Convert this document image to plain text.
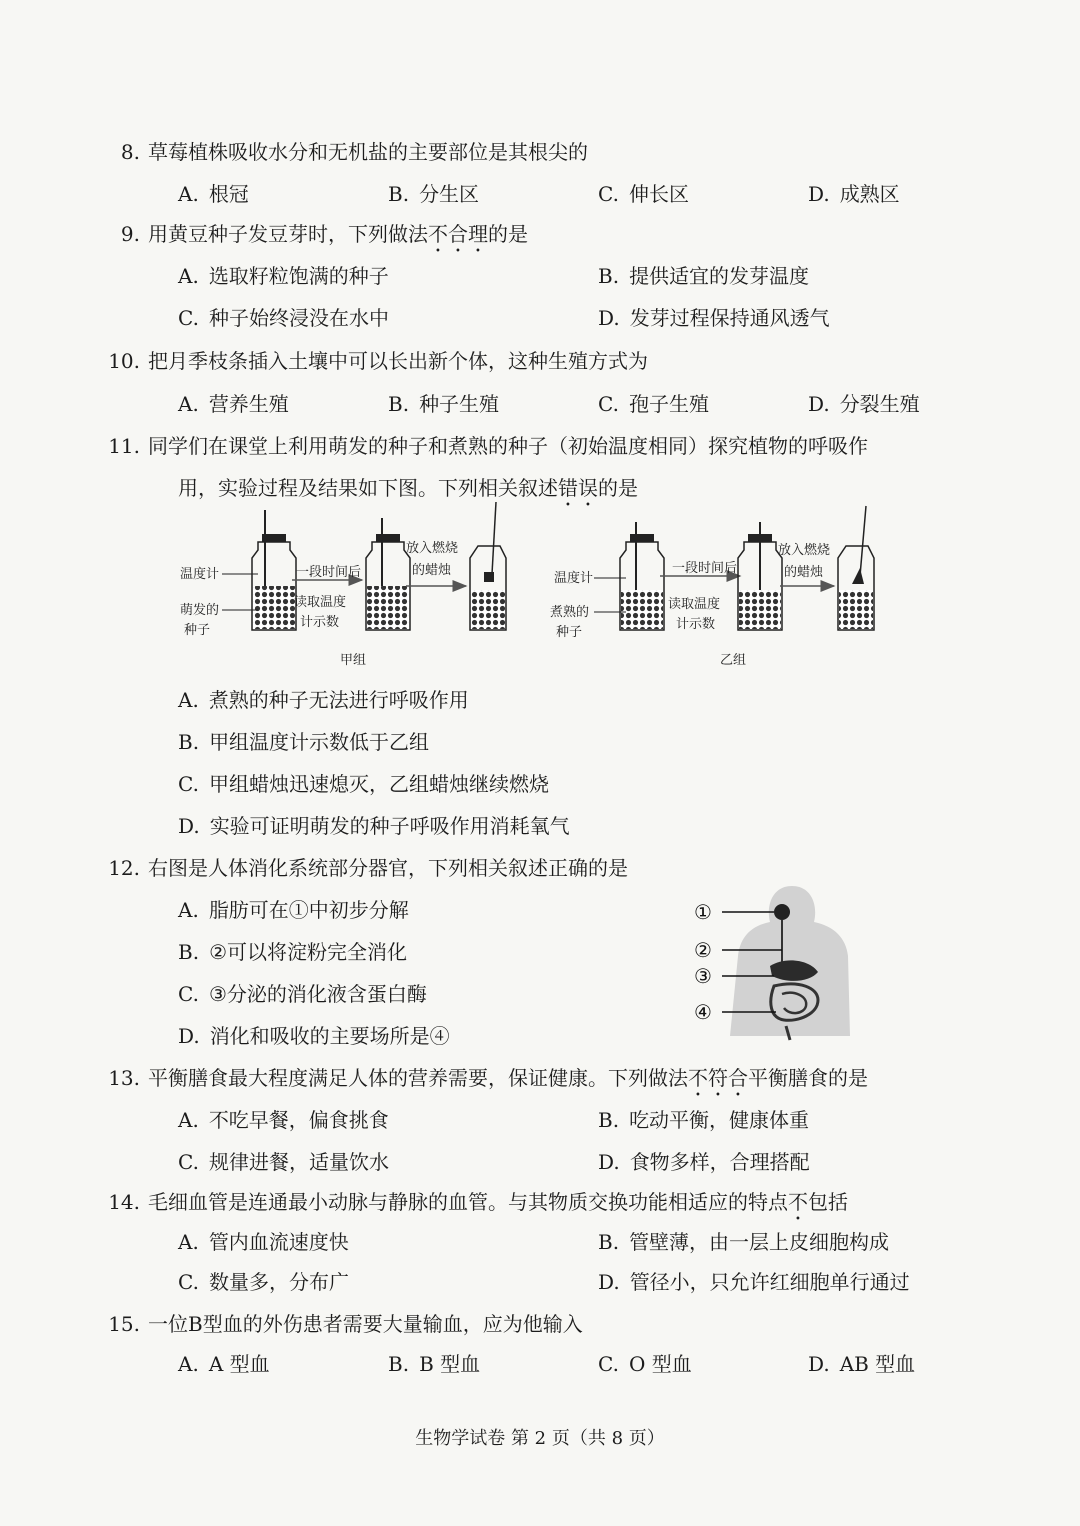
8. 草莓植株吸收水分和无机盐的主要部位是其根尖的
A. 根冠	B. 分生区	C. 伸长区	D. 成熟区
9. 用黄豆种子发豆芽时，下列做法不合理的是
A. 选取籽粒饱满的种子	B. 提供适宜的发芽温度
C. 种子始终浸没在水中	D. 发芽过程保持通风透气
10. 把月季枝条插入土壤中可以长出新个体，这种生殖方式为
A. 营养生殖	B. 种子生殖	C. 孢子生殖	D. 分裂生殖
11. 同学们在课堂上利用萌发的种子和煮熟的种子（初始温度相同）探究植物的呼吸作
用，实验过程及结果如下图。下列相关叙述错误的是
温度计
萌发的
种子
一段时间后
读取温度
计示数
放入燃烧
的蜡烛
甲组
温度计
煮熟的
种子
一段时间后
读取温度
计示数
放入燃烧
的蜡烛
乙组
A. 煮熟的种子无法进行呼吸作用
B. 甲组温度计示数低于乙组
C. 甲组蜡烛迅速熄灭，乙组蜡烛继续燃烧
D. 实验可证明萌发的种子呼吸作用消耗氧气
12. 右图是人体消化系统部分器官，下列相关叙述正确的是
A. 脂肪可在①中初步分解
B. ②可以将淀粉完全消化
C. ③分泌的消化液含蛋白酶
D. 消化和吸收的主要场所是④
①
②
③
④
13. 平衡膳食最大程度满足人体的营养需要，保证健康。下列做法不符合平衡膳食的是
A. 不吃早餐，偏食挑食	B. 吃动平衡，健康体重
C. 规律进餐，适量饮水	D. 食物多样，合理搭配
14. 毛细血管是连通最小动脉与静脉的血管。与其物质交换功能相适应的特点不包括
A. 管内血流速度快	B. 管壁薄，由一层上皮细胞构成
C. 数量多，分布广	D. 管径小，只允许红细胞单行通过
15. 一位B型血的外伤患者需要大量输血，应为他输入
A. A 型血	B. B 型血	C. O 型血	D. AB 型血
生物学试卷 第 2 页（共 8 页）
